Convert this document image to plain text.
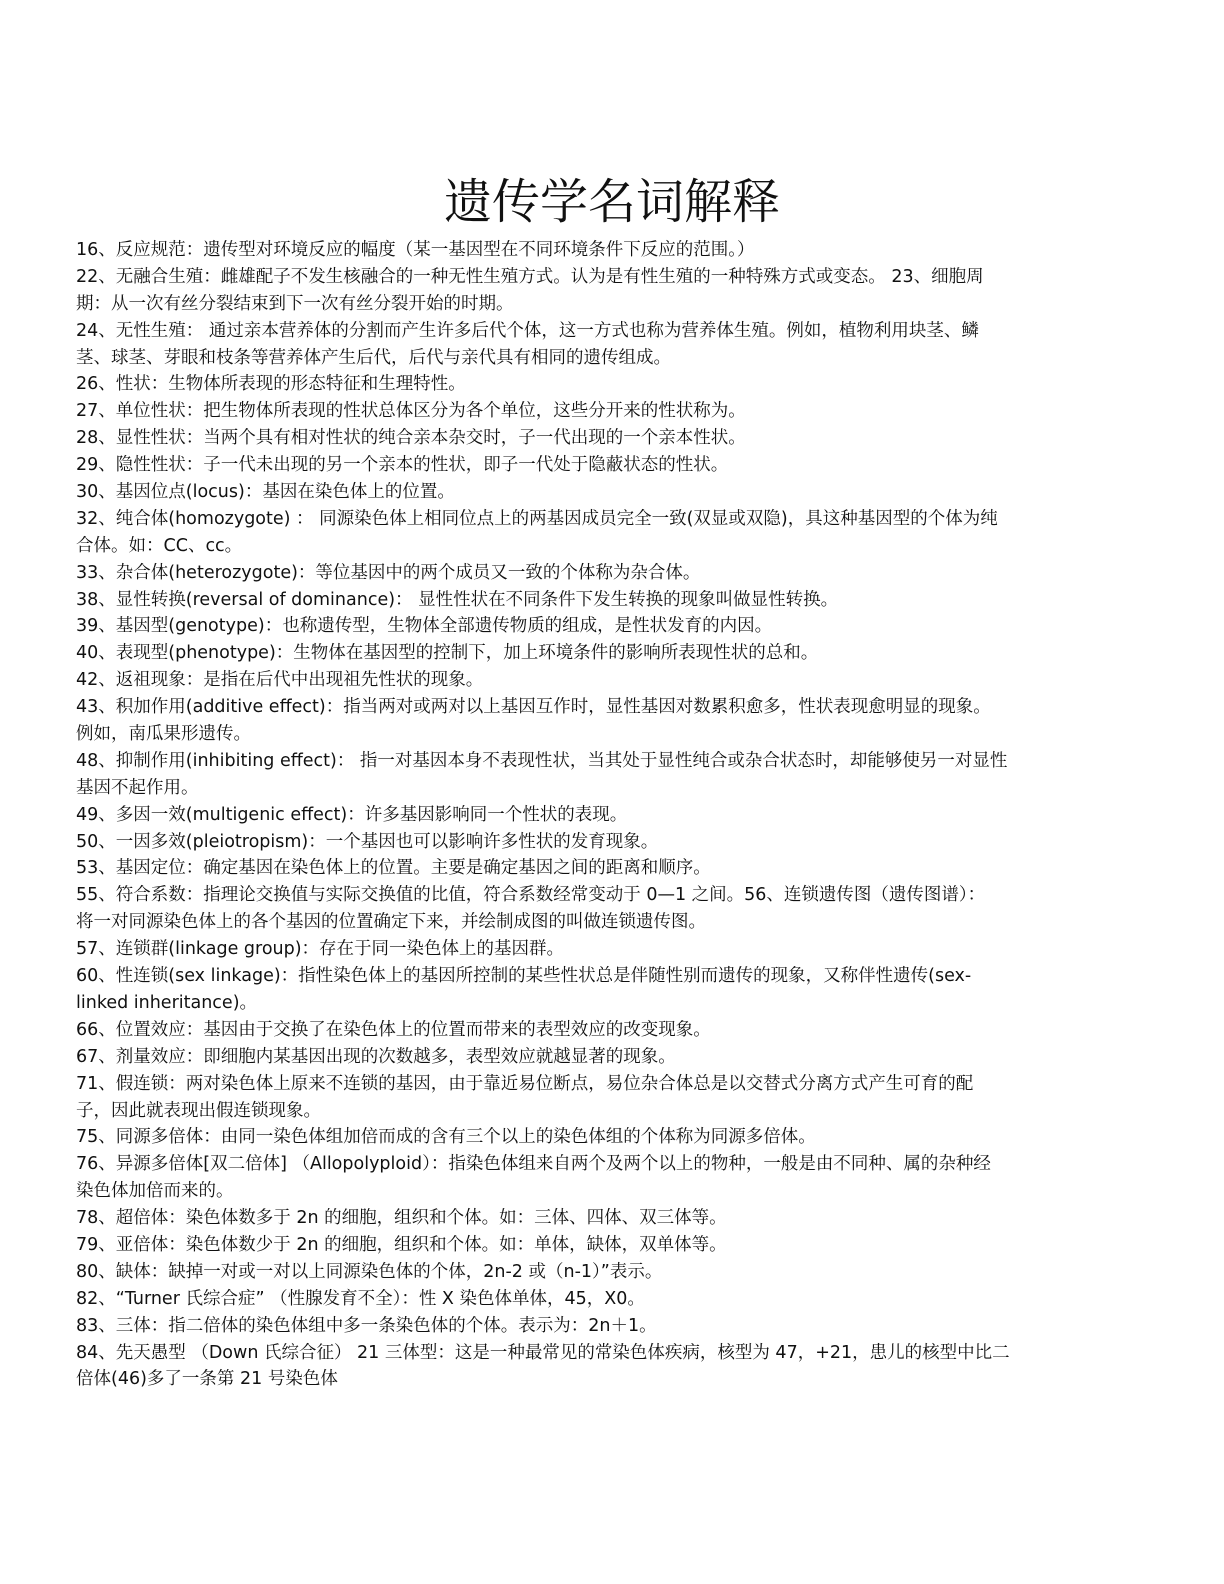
遗传学名词解释
16、反应规范：遗传型对环境反应的幅度（某一基因型在不同环境条件下反应的范围。）
22、无融合生殖：雌雄配子不发生核融合的一种无性生殖方式。认为是有性生殖的一种特殊方式或变态。 23、细胞周
期：从一次有丝分裂结束到下一次有丝分裂开始的时期。
24、无性生殖： 通过亲本营养体的分割而产生许多后代个体，这一方式也称为营养体生殖。例如，植物利用块茎、鳞
茎、球茎、芽眼和枝条等营养体产生后代，后代与亲代具有相同的遗传组成。
26、性状：生物体所表现的形态特征和生理特性。
27、单位性状：把生物体所表现的性状总体区分为各个单位，这些分开来的性状称为。
28、显性性状：当两个具有相对性状的纯合亲本杂交时，子一代出现的一个亲本性状。
29、隐性性状：子一代未出现的另一个亲本的性状，即子一代处于隐蔽状态的性状。
30、基因位点(locus)：基因在染色体上的位置。
32、纯合体(homozygote) ： 同源染色体上相同位点上的两基因成员完全一致(双显或双隐)，具这种基因型的个体为纯
合体。如：CC、cc。
33、杂合体(heterozygote)：等位基因中的两个成员又一致的个体称为杂合体。
38、显性转换(reversal of dominance)： 显性性状在不同条件下发生转换的现象叫做显性转换。
39、基因型(genotype)：也称遗传型，生物体全部遗传物质的组成，是性状发育的内因。
40、表现型(phenotype)：生物体在基因型的控制下，加上环境条件的影响所表现性状的总和。
42、返祖现象：是指在后代中出现祖先性状的现象。
43、积加作用(additive effect)：指当两对或两对以上基因互作时，显性基因对数累积愈多，性状表现愈明显的现象。
例如，南瓜果形遗传。
48、抑制作用(inhibiting effect)： 指一对基因本身不表现性状，当其处于显性纯合或杂合状态时，却能够使另一对显性
基因不起作用。
49、多因一效(multigenic effect)：许多基因影响同一个性状的表现。
50、一因多效(pleiotropism)：一个基因也可以影响许多性状的发育现象。
53、基因定位：确定基因在染色体上的位置。主要是确定基因之间的距离和顺序。
55、符合系数：指理论交换值与实际交换值的比值，符合系数经常变动于 0—1 之间。56、连锁遗传图（遗传图谱）：
将一对同源染色体上的各个基因的位置确定下来，并绘制成图的叫做连锁遗传图。
57、连锁群(linkage group)：存在于同一染色体上的基因群。
60、性连锁(sex linkage)：指性染色体上的基因所控制的某些性状总是伴随性别而遗传的现象，又称伴性遗传(sex-
linked inheritance)。
66、位置效应：基因由于交换了在染色体上的位置而带来的表型效应的改变现象。
67、剂量效应：即细胞内某基因出现的次数越多，表型效应就越显著的现象。
71、假连锁：两对染色体上原来不连锁的基因，由于靠近易位断点，易位杂合体总是以交替式分离方式产生可育的配
子，因此就表现出假连锁现象。
75、同源多倍体：由同一染色体组加倍而成的含有三个以上的染色体组的个体称为同源多倍体。
76、异源多倍体[双二倍体] （Allopolyploid）：指染色体组来自两个及两个以上的物种，一般是由不同种、属的杂种经
染色体加倍而来的。
78、超倍体：染色体数多于 2n 的细胞，组织和个体。如：三体、四体、双三体等。
79、亚倍体：染色体数少于 2n 的细胞，组织和个体。如：单体，缺体，双单体等。
80、缺体：缺掉一对或一对以上同源染色体的个体，2n-2 或（n-1）”表示。
82、“Turner 氏综合症” （性腺发育不全）：性 X 染色体单体，45，X0。
83、三体：指二倍体的染色体组中多一条染色体的个体。表示为：2n＋1。
84、先天愚型 （Down 氏综合征） 21 三体型：这是一种最常见的常染色体疾病，核型为 47，+21，患儿的核型中比二
倍体(46)多了一条第 21 号染色体
